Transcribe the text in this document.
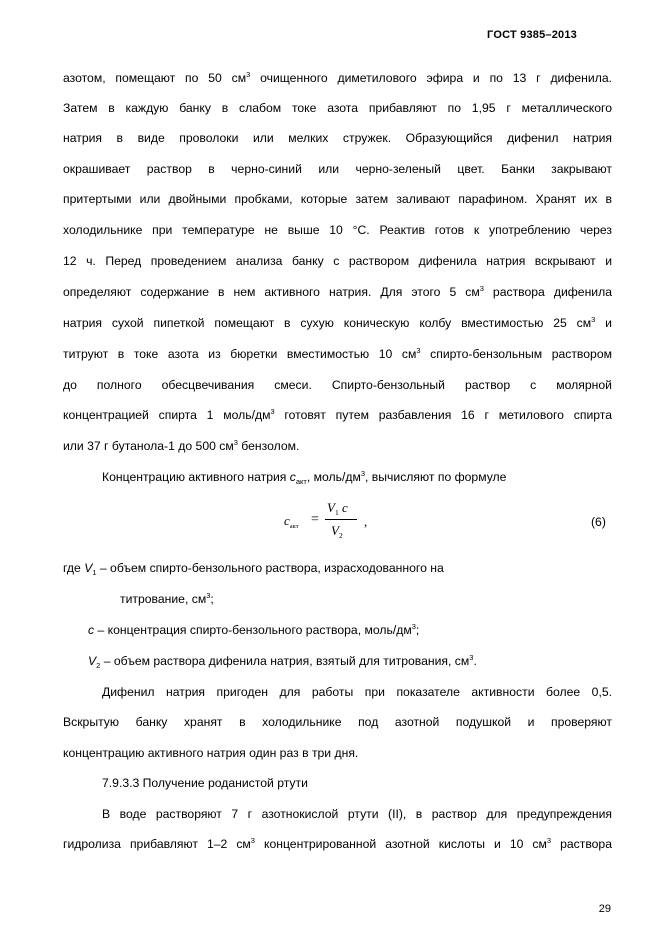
ГОСТ 9385–2013
азотом, помещают по 50 $см^3$ очищенного диметилового эфира и по 13 г дифенила.
Затем в каждую банку в слабом токе азота прибавляют по 1,95 г металлического
натрия в виде проволоки или мелких стружек. Образующийся дифенил натрия
окрашивает раствор в черно-синий или черно-зеленый цвет. Банки закрывают
притертыми или двойными пробками, которые затем заливают парафином. Хранят их в
холодильнике при температуре не выше 10 °С. Реактив готов к употреблению через
12 ч. Перед проведением анализа банку с раствором дифенила натрия вскрывают и
определяют содержание в нем активного натрия. Для этого 5 $см^3$ раствора дифенила
натрия сухой пипеткой помещают в сухую коническую колбу вместимостью 25 $см^3$ и
титруют в токе азота из бюретки вместимостью 10 $см^3$ спирто-бензольным раствором
до полного обесцвечивания смеси. Спирто-бензольный раствор с молярной
концентрацией спирта 1 моль/$дм^3$ готовят путем разбавления 16 г метилового спирта
или 37 г бутанола-1 до 500 $см^3$ бензолом.
Концентрацию активного натрия $c_{акт}$, моль/$дм^3$, вычисляют по формуле
$c_{акт}$ =
$V_1$ c
$V_2$
,	(6)
где $V_1$ – объем спирто-бензольного раствора, израсходованного на
титрование, $см^3$;
c – концентрация спирто-бензольного раствора, моль/$дм^3$;
$V_2$ – объем раствора дифенила натрия, взятый для титрования, $см^3$.
Дифенил натрия пригоден для работы при показателе активности более 0,5.
Вскрытую банку хранят в холодильнике под азотной подушкой и проверяют
концентрацию активного натрия один раз в три дня.
7.9.3.3 Получение роданистой ртути
В воде растворяют 7 г азотнокислой ртути (II), в раствор для предупреждения
гидролиза прибавляют 1–2 $см^3$ концентрированной азотной кислоты и 10 $см^3$ раствора
29
